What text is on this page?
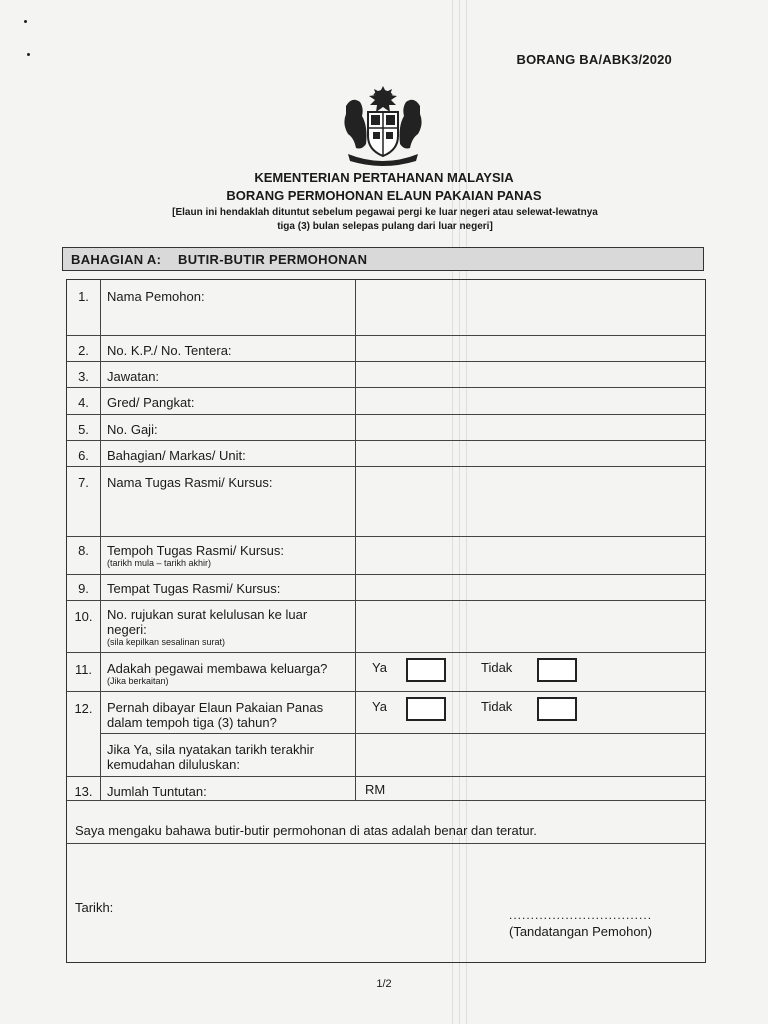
BORANG BA/ABK3/2020
KEMENTERIAN PERTAHANAN MALAYSIA
BORANG PERMOHONAN ELAUN PAKAIAN PANAS
[Elaun ini hendaklah dituntut sebelum pegawai pergi ke luar negeri atau selewat-lewatnya
tiga (3) bulan selepas pulang dari luar negeri]
BAHAGIAN A: BUTIR-BUTIR PERMOHONAN
1.	Nama Pemohon:
2.	No. K.P./ No. Tentera:
3.	Jawatan:
4.	Gred/ Pangkat:
5.	No. Gaji:
6.	Bahagian/ Markas/ Unit:
7.	Nama Tugas Rasmi/ Kursus:
8.	Tempoh Tugas Rasmi/ Kursus:
(tarikh mula – tarikh akhir)
9.	Tempat Tugas Rasmi/ Kursus:
10.	No. rujukan surat kelulusan ke luar negeri:
(sila kepilkan sesalinan surat)
11.	Adakah pegawai membawa keluarga?
(Jika berkaitan)
Ya	Tidak
12.	Pernah dibayar Elaun Pakaian Panas dalam tempoh tiga (3) tahun?
Ya	Tidak
Jika Ya, sila nyatakan tarikh terakhir kemudahan diluluskan:
13.	Jumlah Tuntutan:	RM
Saya mengaku bahawa butir-butir permohonan di atas adalah benar dan teratur.
Tarikh:	.................................
(Tandatangan Pemohon)
1/2
